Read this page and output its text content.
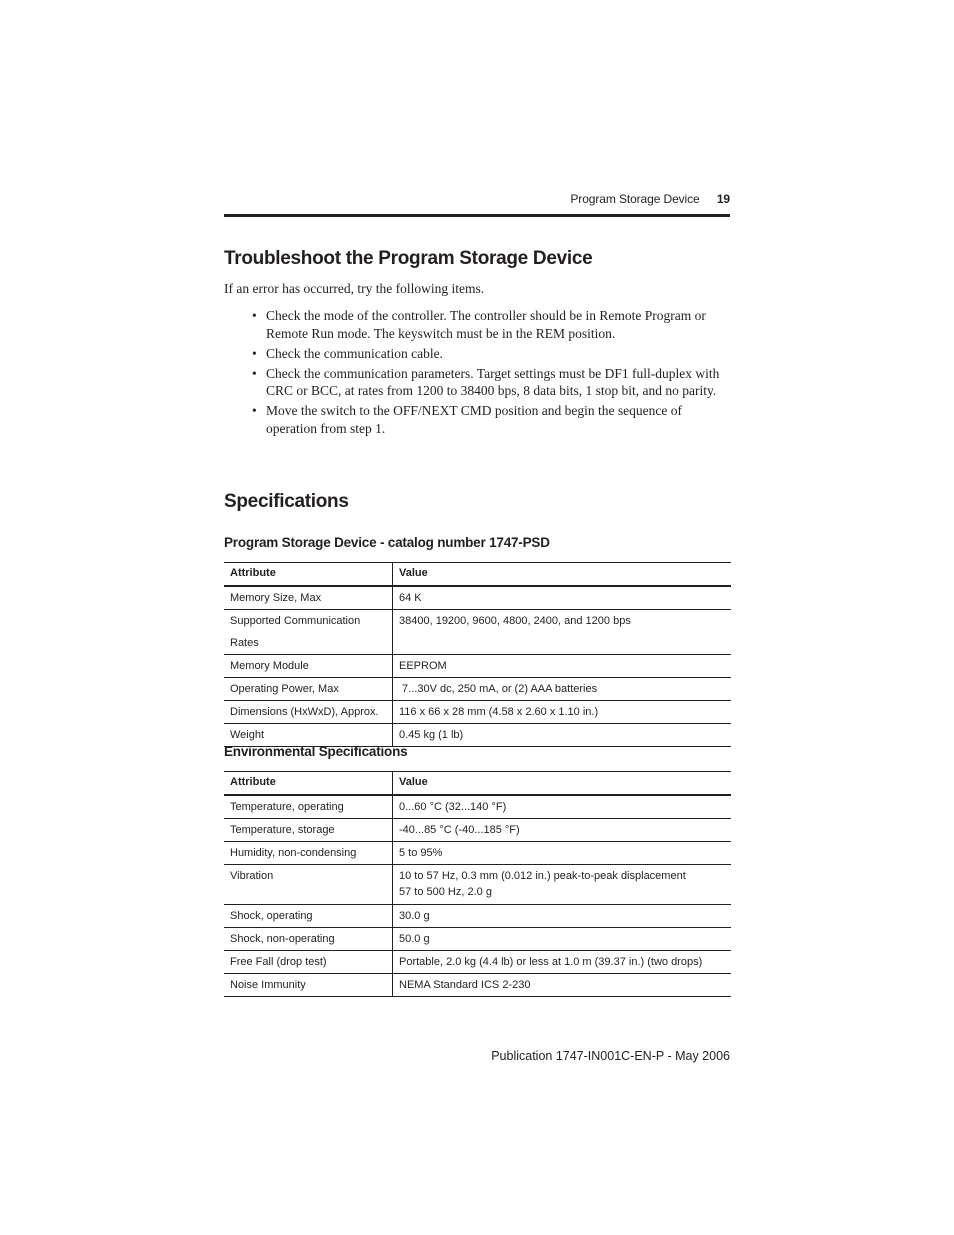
Program Storage Device 19
Troubleshoot the Program Storage Device

If an error has occurred, try the following items.

• Check the mode of the controller. The controller should be in Remote Program or Remote Run mode. The keyswitch must be in the REM position.
• Check the communication cable.
• Check the communication parameters. Target settings must be DF1 full-duplex with CRC or BCC, at rates from 1200 to 38400 bps, 8 data bits, 1 stop bit, and no parity.
• Move the switch to the OFF/NEXT CMD position and begin the sequence of operation from step 1.
Specifications
Program Storage Device - catalog number 1747-PSD
Attribute	Value
Memory Size, Max	64 K
Supported Communication Rates	38400, 19200, 9600, 4800, 2400, and 1200 bps
Memory Module	EEPROM
Operating Power, Max	7...30V dc, 250 mA, or (2) AAA batteries
Dimensions (HxWxD), Approx.	116 x 66 x 28 mm (4.58 x 2.60 x 1.10 in.)
Weight	0.45 kg (1 lb)
Environmental Specifications
Attribute	Value
Temperature, operating	0...60 °C (32...140 °F)
Temperature, storage	-40...85 °C (-40...185 °F)
Humidity, non-condensing	5 to 95%
Vibration	10 to 57 Hz, 0.3 mm (0.012 in.) peak-to-peak displacement
57 to 500 Hz, 2.0 g

Shock, operating	30.0 g
Shock, non-operating	50.0 g
Free Fall (drop test)	Portable, 2.0 kg (4.4 lb) or less at 1.0 m (39.37 in.) (two drops)
Noise Immunity	NEMA Standard ICS 2-230
Publication 1747-IN001C-EN-P - May 2006
